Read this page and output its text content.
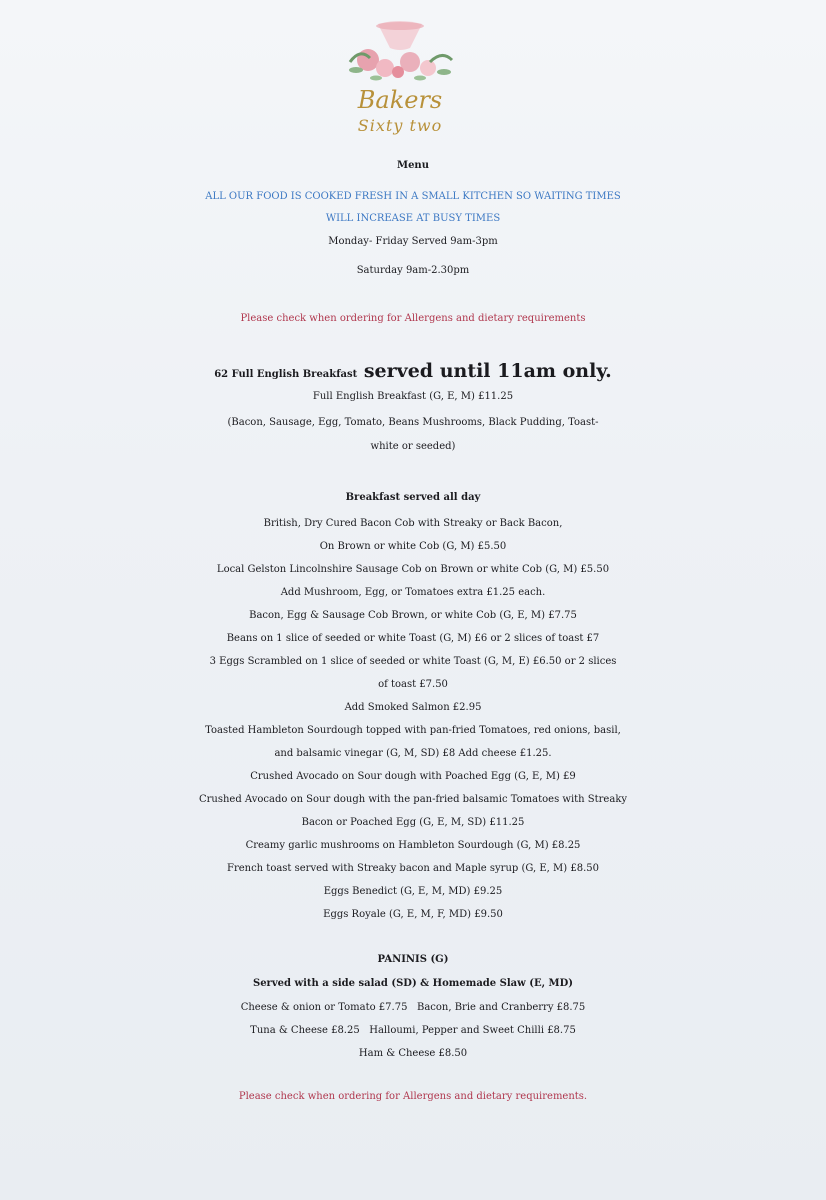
Bakers
Sixty two
Menu
ALL OUR FOOD IS COOKED FRESH IN A SMALL KITCHEN SO WAITING TIMES
WILL INCREASE AT BUSY TIMES
Monday- Friday Served 9am-3pm
Saturday 9am-2.30pm
Please check when ordering for Allergens and dietary requirements
62 Full English Breakfast served until 11am only.
Full English Breakfast (G, E, M) £11.25
(Bacon, Sausage, Egg, Tomato, Beans Mushrooms, Black Pudding, Toast-
white or seeded)
Breakfast served all day
British, Dry Cured Bacon Cob with Streaky or Back Bacon,
On Brown or white Cob (G, M) £5.50
Local Gelston Lincolnshire Sausage Cob on Brown or white Cob (G, M) £5.50
Add Mushroom, Egg, or Tomatoes extra £1.25 each.
Bacon, Egg & Sausage Cob Brown, or white Cob (G, E, M) £7.75
Beans on 1 slice of seeded or white Toast (G, M) £6 or 2 slices of toast £7
3 Eggs Scrambled on 1 slice of seeded or white Toast (G, M, E) £6.50 or 2 slices
of toast £7.50
Add Smoked Salmon £2.95
Toasted Hambleton Sourdough topped with pan-fried Tomatoes, red onions, basil,
and balsamic vinegar (G, M, SD) £8 Add cheese £1.25.
Crushed Avocado on Sour dough with Poached Egg (G, E, M) £9
Crushed Avocado on Sour dough with the pan-fried balsamic Tomatoes with Streaky
Bacon or Poached Egg (G, E, M, SD) £11.25
Creamy garlic mushrooms on Hambleton Sourdough (G, M) £8.25
French toast served with Streaky bacon and Maple syrup (G, E, M) £8.50
Eggs Benedict (G, E, M, MD) £9.25
Eggs Royale (G, E, M, F, MD) £9.50
PANINIS (G)
Served with a side salad (SD) & Homemade Slaw (E, MD)
Cheese & onion or Tomato £7.75   Bacon, Brie and Cranberry £8.75
Tuna & Cheese £8.25   Halloumi, Pepper and Sweet Chilli £8.75
Ham & Cheese £8.50
Please check when ordering for Allergens and dietary requirements.
